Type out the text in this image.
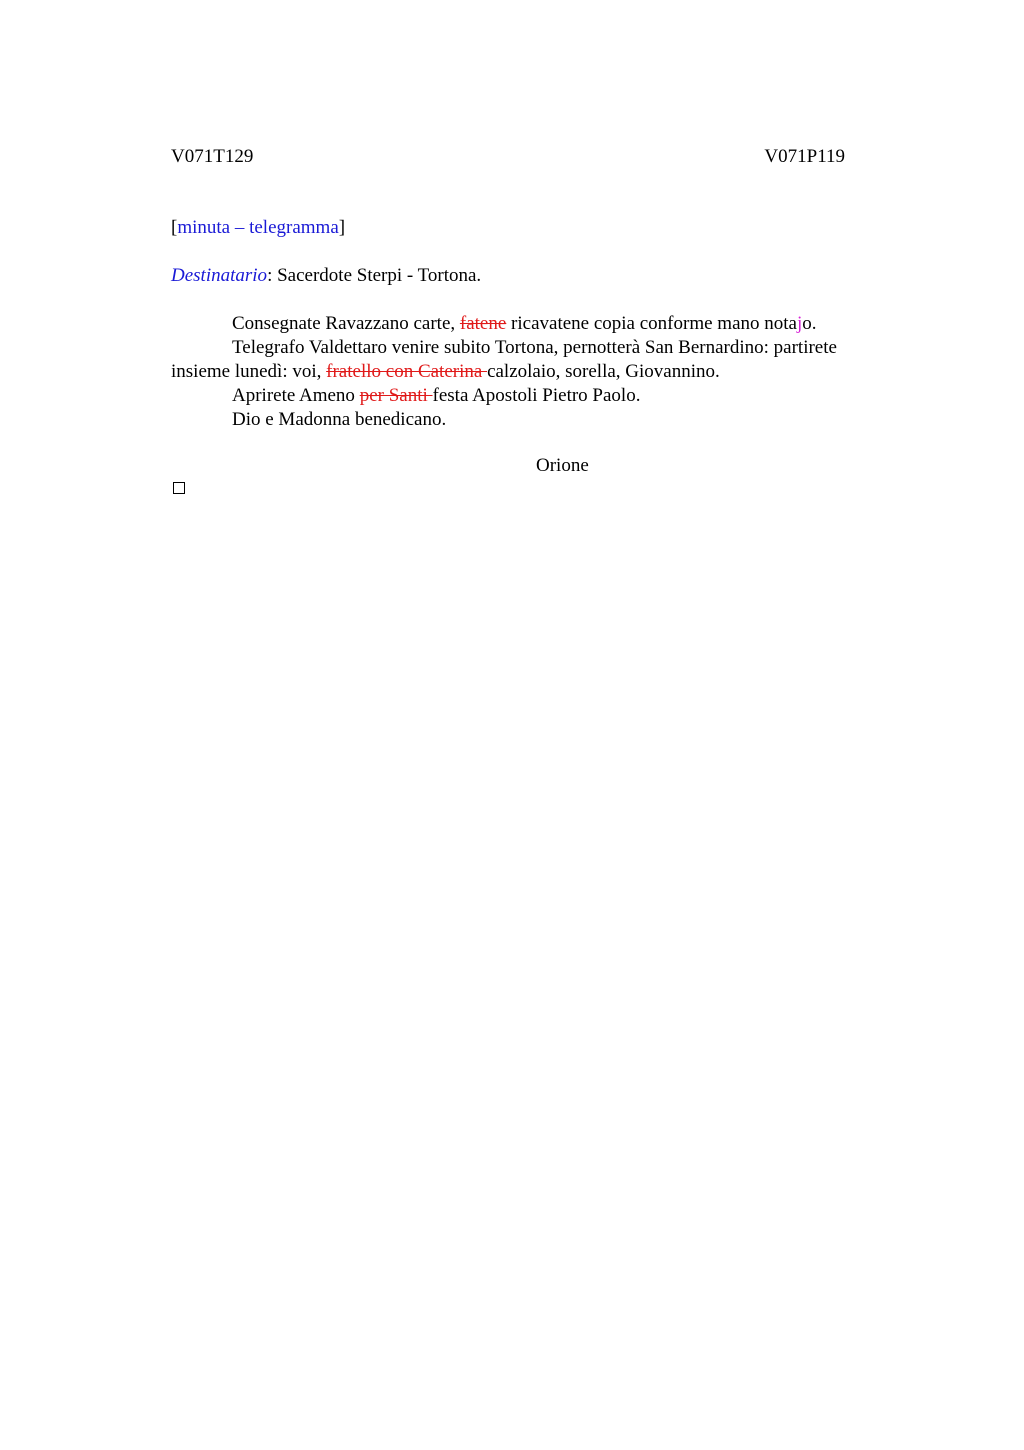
V071T129	V071P119
[minuta – telegramma]
Destinatario: Sacerdote Sterpi - Tortona.

Consegnate Ravazzano carte, fatene ricavatene copia conforme mano notajo.

Telegrafo Valdettaro venire subito Tortona, pernotterà San Bernardino: partirete insieme lunedì: voi, fratello con Caterina calzolaio, sorella, Giovannino.

Aprirete Ameno per Santi festa Apostoli Pietro Paolo.

Dio e Madonna benedicano.

Orione
